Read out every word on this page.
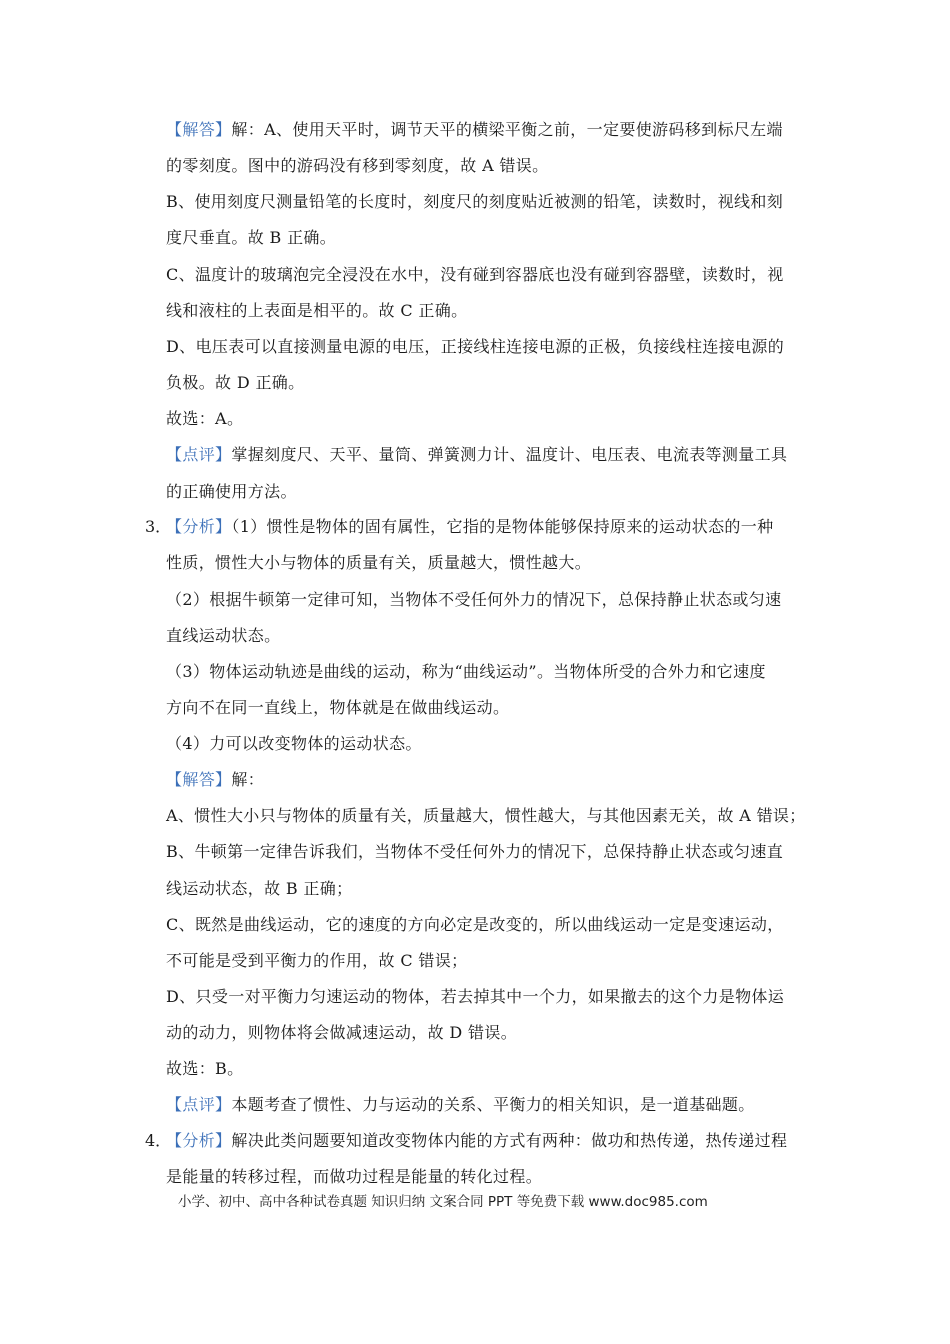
【解答】解：A、使用天平时，调节天平的横梁平衡之前，一定要使游码移到标尺左端
的零刻度。图中的游码没有移到零刻度，故 A 错误。
B、使用刻度尺测量铅笔的长度时，刻度尺的刻度贴近被测的铅笔，读数时，视线和刻
度尺垂直。故 B 正确。
C、温度计的玻璃泡完全浸没在水中，没有碰到容器底也没有碰到容器壁，读数时，视
线和液柱的上表面是相平的。故 C 正确。
D、电压表可以直接测量电源的电压，正接线柱连接电源的正极，负接线柱连接电源的
负极。故 D 正确。
故选：A。
【点评】掌握刻度尺、天平、量筒、弹簧测力计、温度计、电压表、电流表等测量工具
的正确使用方法。
3．
【分析】（1）惯性是物体的固有属性，它指的是物体能够保持原来的运动状态的一种
性质，惯性大小与物体的质量有关，质量越大，惯性越大。
（2）根据牛顿第一定律可知，当物体不受任何外力的情况下，总保持静止状态或匀速
直线运动状态。
（3）物体运动轨迹是曲线的运动，称为“曲线运动”。当物体所受的合外力和它速度
方向不在同一直线上，物体就是在做曲线运动。
（4）力可以改变物体的运动状态。
【解答】解：
A、惯性大小只与物体的质量有关，质量越大，惯性越大，与其他因素无关，故 A 错误；
B、牛顿第一定律告诉我们，当物体不受任何外力的情况下，总保持静止状态或匀速直
线运动状态，故 B 正确；
C、既然是曲线运动，它的速度的方向必定是改变的，所以曲线运动一定是变速运动，
不可能是受到平衡力的作用，故 C 错误；
D、只受一对平衡力匀速运动的物体，若去掉其中一个力，如果撤去的这个力是物体运
动的动力，则物体将会做减速运动，故 D 错误。
故选：B。
【点评】本题考查了惯性、力与运动的关系、平衡力的相关知识，是一道基础题。
4．
【分析】解决此类问题要知道改变物体内能的方式有两种：做功和热传递，热传递过程
是能量的转移过程，而做功过程是能量的转化过程。
小学、初中、高中各种试卷真题 知识归纳 文案合同 PPT 等免费下载 www.doc985.com
